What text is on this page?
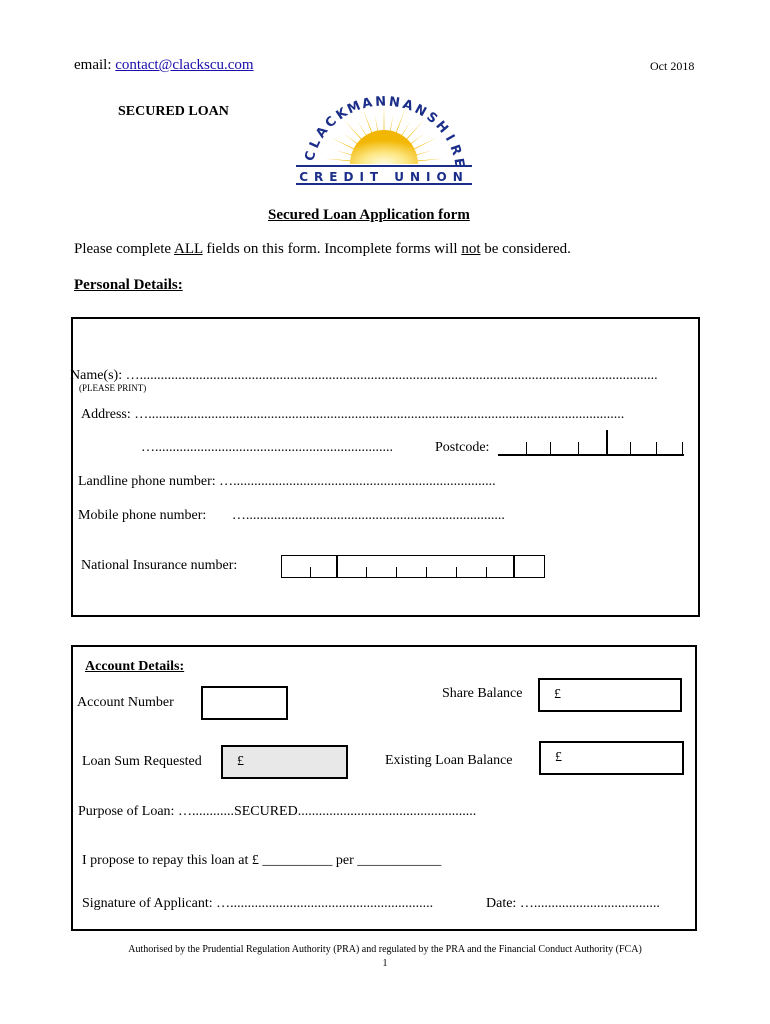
email: contact@clackscu.com	Oct 2018
SECURED LOAN
CREDIT UNION
C
L
A
C
K
M
A N N A
N
S
H
I
R
E
Secured Loan Application form
Please complete ALL fields on this form. Incomplete forms will not be considered.
Personal Details:
Name(s): …....................................................................................................................................................
(PLEASE PRINT)
Address: …........................................................................................................................................
…....................................................................	Postcode:
Landline phone number: …...........................................................................
Mobile phone number: …..........................................................................
National Insurance number:
Account Details:
Account Number
Share Balance £
Loan Sum Requested	£	Existing Loan Balance	£
Purpose of Loan: …............SECURED...................................................
I propose to repay this loan at £ __________ per ____________
Signature of Applicant: …..........................................................	Date: …....................................
Authorised by the Prudential Regulation Authority (PRA) and regulated by the PRA and the Financial Conduct Authority (FCA)
1
